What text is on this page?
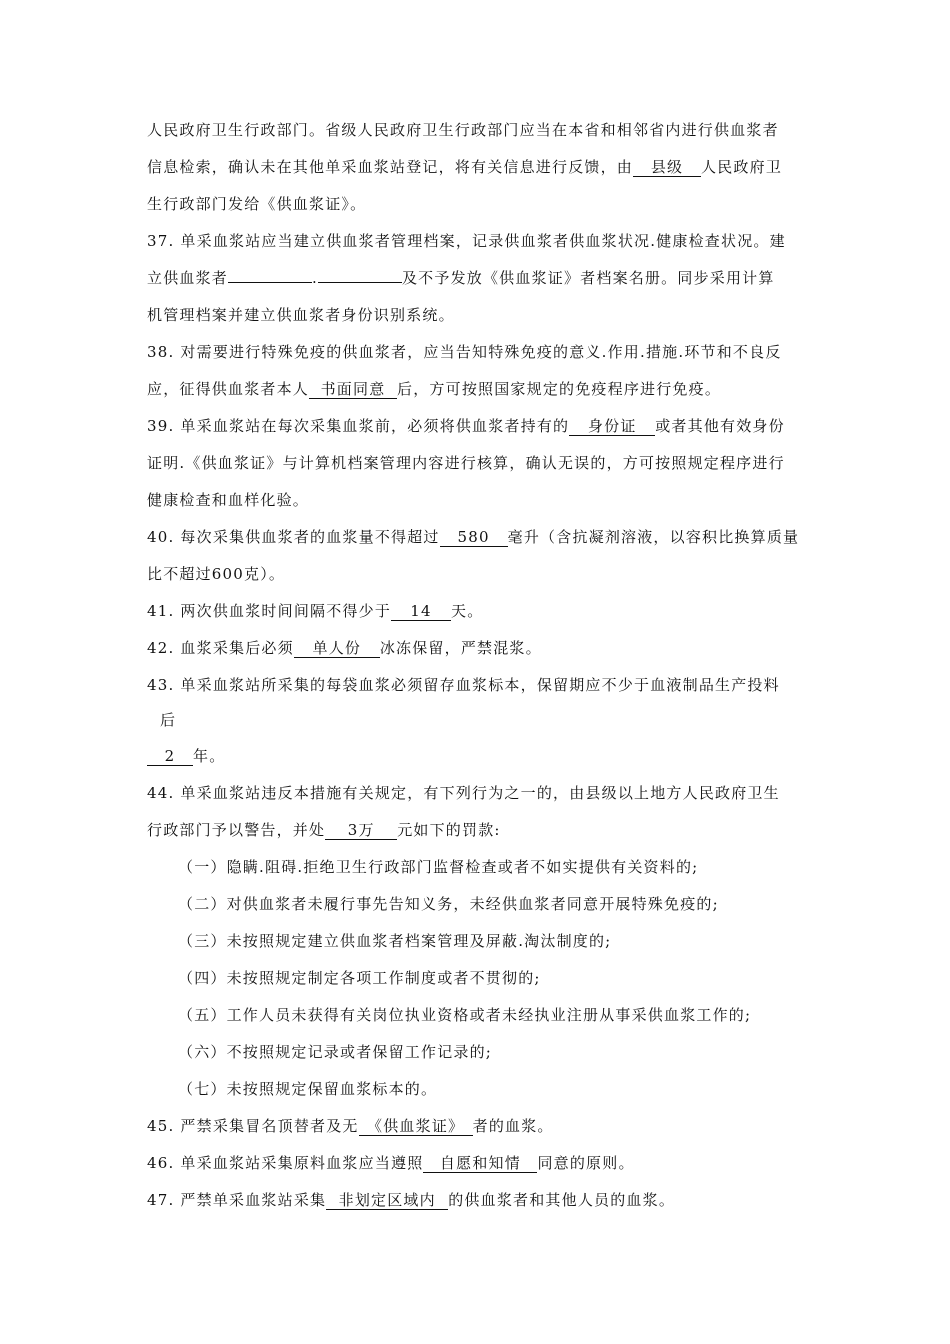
人民政府卫生行政部门。省级人民政府卫生行政部门应当在本省和相邻省内进行供血浆者
信息检索，确认未在其他单采血浆站登记，将有关信息进行反馈，由 县级 人民政府卫
生行政部门发给《供血浆证》。
37. 单采血浆站应当建立供血浆者管理档案，记录供血浆者供血浆状况.健康检查状况。建
立供血浆者	.	及不予发放《供血浆证》者档案名册。同步采用计算
机管理档案并建立供血浆者身份识别系统。
38. 对需要进行特殊免疫的供血浆者，应当告知特殊免疫的意义.作用.措施.环节和不良反
应，征得供血浆者本人 书面同意 后，方可按照国家规定的免疫程序进行免疫。
39. 单采血浆站在每次采集血浆前，必须将供血浆者持有的 身份证 或者其他有效身份
证明.《供血浆证》与计算机档案管理内容进行核算，确认无误的，方可按照规定程序进行
健康检查和血样化验。
40. 每次采集供血浆者的血浆量不得超过 580 毫升（含抗凝剂溶液，以容积比换算质量
比不超过600克）。
41. 两次供血浆时间间隔不得少于 14 天。
42. 血浆采集后必须 单人份 冰冻保留，严禁混浆。
43. 单采血浆站所采集的每袋血浆必须留存血浆标本，保留期应不少于血液制品生产投料
后
2 年。
44. 单采血浆站违反本措施有关规定，有下列行为之一的，由县级以上地方人民政府卫生
行政部门予以警告，并处 3万 元如下的罚款:
（一）隐瞒.阻碍.拒绝卫生行政部门监督检查或者不如实提供有关资料的;
（二）对供血浆者未履行事先告知义务，未经供血浆者同意开展特殊免疫的;
（三）未按照规定建立供血浆者档案管理及屏蔽.淘汰制度的;
（四）未按照规定制定各项工作制度或者不贯彻的;
（五）工作人员未获得有关岗位执业资格或者未经执业注册从事采供血浆工作的;
（六）不按照规定记录或者保留工作记录的;
（七）未按照规定保留血浆标本的。
45. 严禁采集冒名顶替者及无 《供血浆证》 者的血浆。
46. 单采血浆站采集原料血浆应当遵照 自愿和知情 同意的原则。
47. 严禁单采血浆站采集 非划定区域内 的供血浆者和其他人员的血浆。
